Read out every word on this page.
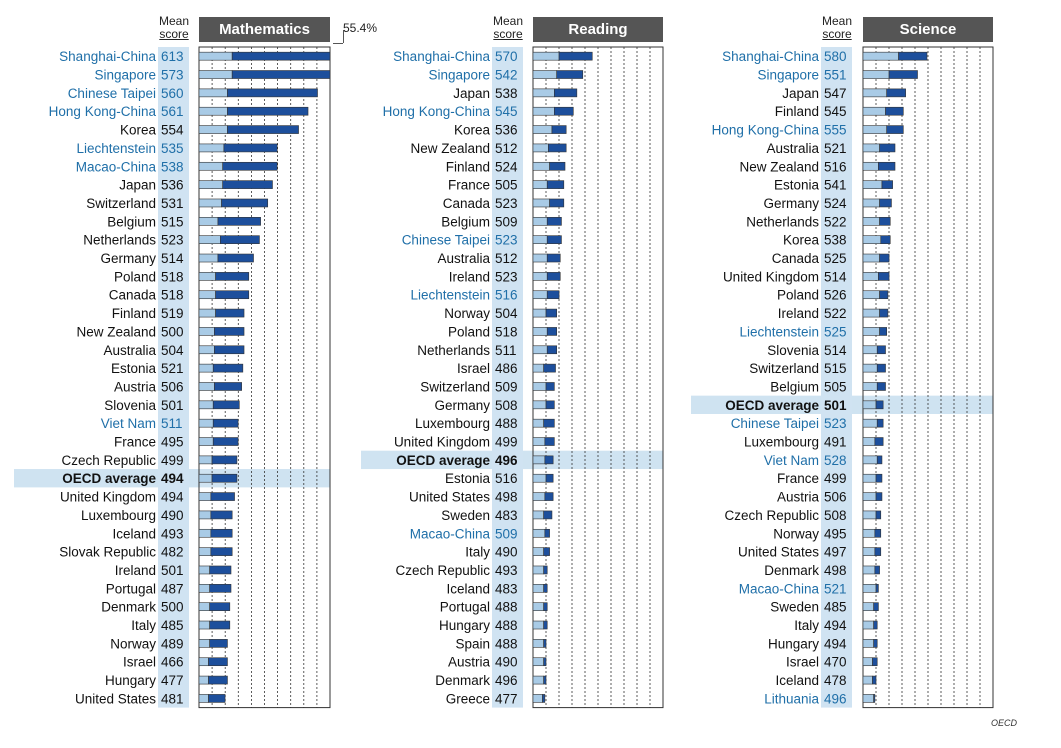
Mean
score	Mathematics
Shanghai-China 613
Singapore 573
Chinese Taipei 560
Hong Kong-China 561
Korea 554
Liechtenstein 535
Macao-China 538
Japan 536
Switzerland 531
Belgium 515
Netherlands 523
Germany 514
Poland 518
Canada 518
Finland 519
New Zealand 500
Australia 504
Estonia 521
Austria 506
Slovenia 501
Viet Nam 511
France 495
Czech Republic 499
OECD average 494
United Kingdom 494
Luxembourg 490
Iceland 493
Slovak Republic 482
Ireland 501
Portugal 487
Denmark 500
Italy 485
Norway 489
Israel 466
Hungary 477
United States 481
55.4%	Mean
score	Reading
Shanghai-China 570
Singapore 542
Japan 538
Hong Kong-China 545
Korea 536
New Zealand 512
Finland 524
France 505
Canada 523
Belgium 509
Chinese Taipei 523
Australia 512
Ireland 523
Liechtenstein 516
Norway 504
Poland 518
Netherlands 511
Israel 486
Switzerland 509
Germany 508
Luxembourg 488
United Kingdom 499
OECD average 496
Estonia 516
United States 498
Sweden 483
Macao-China 509
Italy 490
Czech Republic 493
Iceland 483
Portugal 488
Hungary 488
Spain 488
Austria 490
Denmark 496
Greece 477
Mean
score	Science
Shanghai-China 580
Singapore 551
Japan 547
Finland 545
Hong Kong-China 555
Australia 521
New Zealand 516
Estonia 541
Germany 524
Netherlands 522
Korea 538
Canada 525
United Kingdom 514
Poland 526
Ireland 522
Liechtenstein 525
Slovenia 514
Switzerland 515
Belgium 505
OECD average 501
Chinese Taipei 523
Luxembourg 491
Viet Nam 528
France 499
Austria 506
Czech Republic 508
Norway 495
United States 497
Denmark 498
Macao-China 521
Sweden 485
Italy 494
Hungary 494
Israel 470
Iceland 478
Lithuania 496
OECD
